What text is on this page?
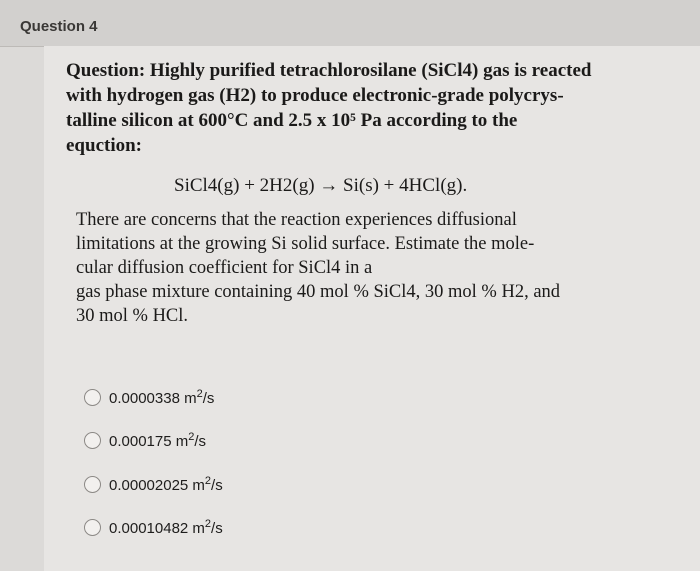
Question 4
Question: Highly purified tetrachlorosilane (SiCl4) gas is reacted
with hydrogen gas (H2) to produce electronic-grade polycrys-
talline silicon at 600°C and 2.5 x 10⁵ Pa according to the
equction:
SiCl4(g) + 2H2(g) → Si(s) + 4HCl(g).
There are concerns that the reaction experiences diffusional
limitations at the growing Si solid surface. Estimate the mole-
cular diffusion coefficient for SiCl4 in a
gas phase mixture containing 40 mol % SiCl4, 30 mol % H2, and
30 mol % HCl.
0.0000338 $m^2/s$
0.000175 $m^2/s$
0.00002025 $m^2/s$
0.00010482 $m^2/s$
